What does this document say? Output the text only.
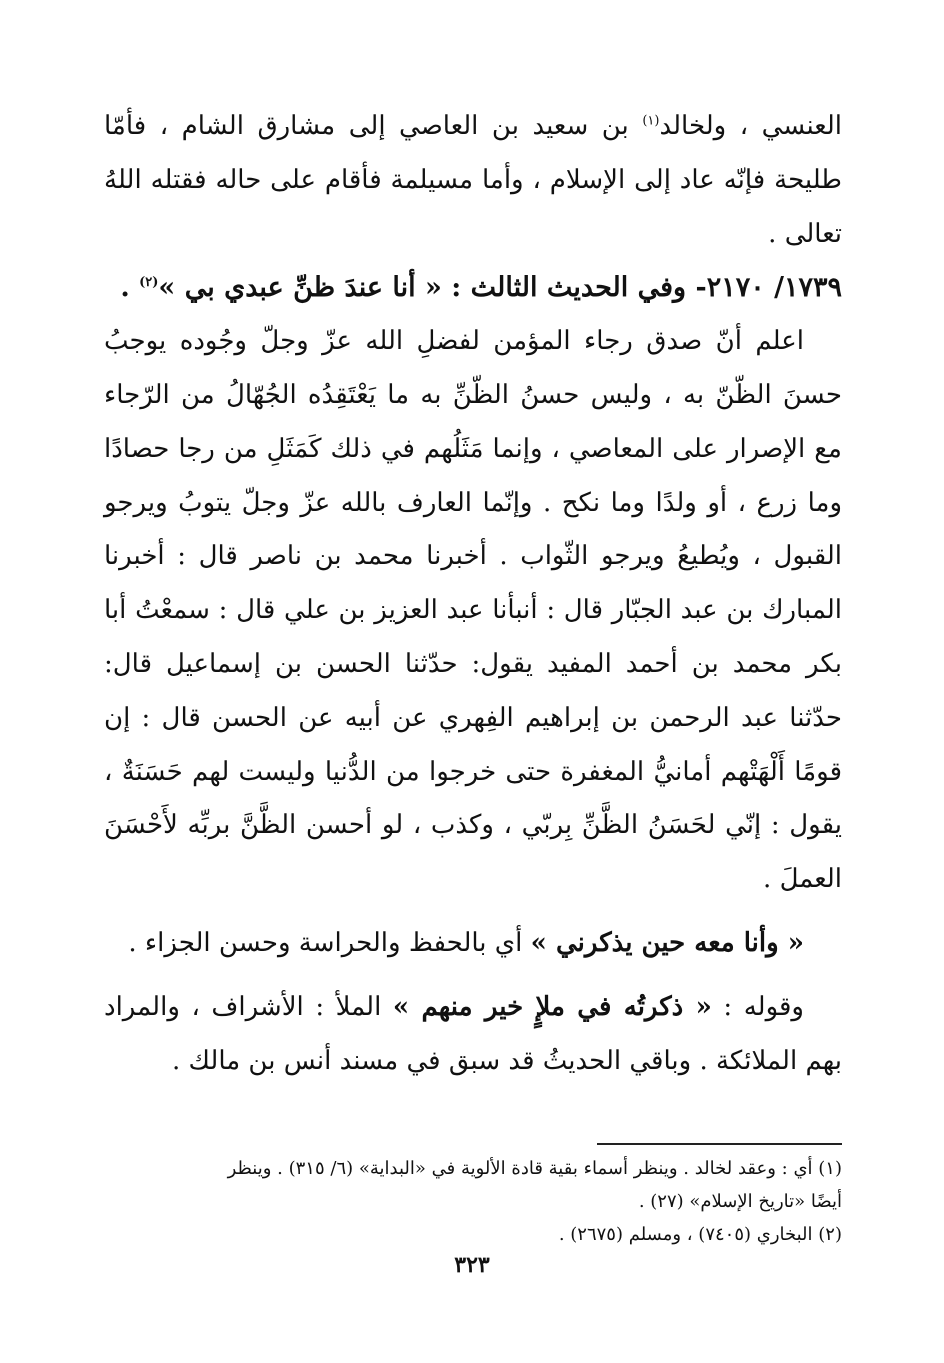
العنسي ، ولخالد$^{(١)}$ بن سعيد بن العاصي إلى مشارق الشام ، فأمّا طليحة فإنّه عاد إلى الإسلام ، وأما مسيلمة فأقام على حاله فقتله اللهُ تعالى .

١٧٣٩/ ٢١٧٠- وفي الحديث الثالث : « أنا عندَ ظنِّ عبدي بي »$^{(٢)}$ .

اعلم أنّ صدق رجاء المؤمن لفضلِ الله عزّ وجلّ وجُوده يوجبُ حسنَ الظّنّ به ، وليس حسنُ الظّنِّ به ما يَعْتَقِدُه الجُهّالُ من الرّجاء مع الإصرار على المعاصي ، وإنما مَثَلُهم في ذلك كَمَثَلِ من رجا حصادًا وما زرع ، أو ولدًا وما نكح . وإنّما العارف بالله عزّ وجلّ يتوبُ ويرجو القبول ، ويُطيعُ ويرجو الثّواب . أخبرنا محمد بن ناصر قال : أخبرنا المبارك بن عبد الجبّار قال : أنبأنا عبد العزيز بن علي قال : سمعْتُ أبا بكر محمد بن أحمد المفيد يقول: حدّثنا الحسن بن إسماعيل قال: حدّثنا عبد الرحمن بن إبراهيم الفِهري عن أبيه عن الحسن قال : إن قومًا أَلْهَتْهم أمانيُّ المغفرة حتى خرجوا من الدُّنيا وليست لهم حَسَنَةٌ ، يقول : إنّي لحَسَنُ الظَّنِّ بِربّي ، وكذب ، لو أحسن الظَّنَّ بربِّه لأَحْسَنَ العملَ .

« وأنا معه حين يذكرني » أي بالحفظ والحراسة وحسن الجزاء .

وقوله : « ذكرتُه في ملإٍ خير منهم » الملأ : الأشراف ، والمراد بهم الملائكة . وباقي الحديثُ قد سبق في مسند أنس بن مالك .

(١) أي : وعقد لخالد . وينظر أسماء بقية قادة الألوية في «البداية» (٦/ ٣١٥) . وينظر

أيضًا «تاريخ الإسلام» (٢٧) .

(٢) البخاري (٧٤٠٥) ، ومسلم (٢٦٧٥) .

٣٢٣
